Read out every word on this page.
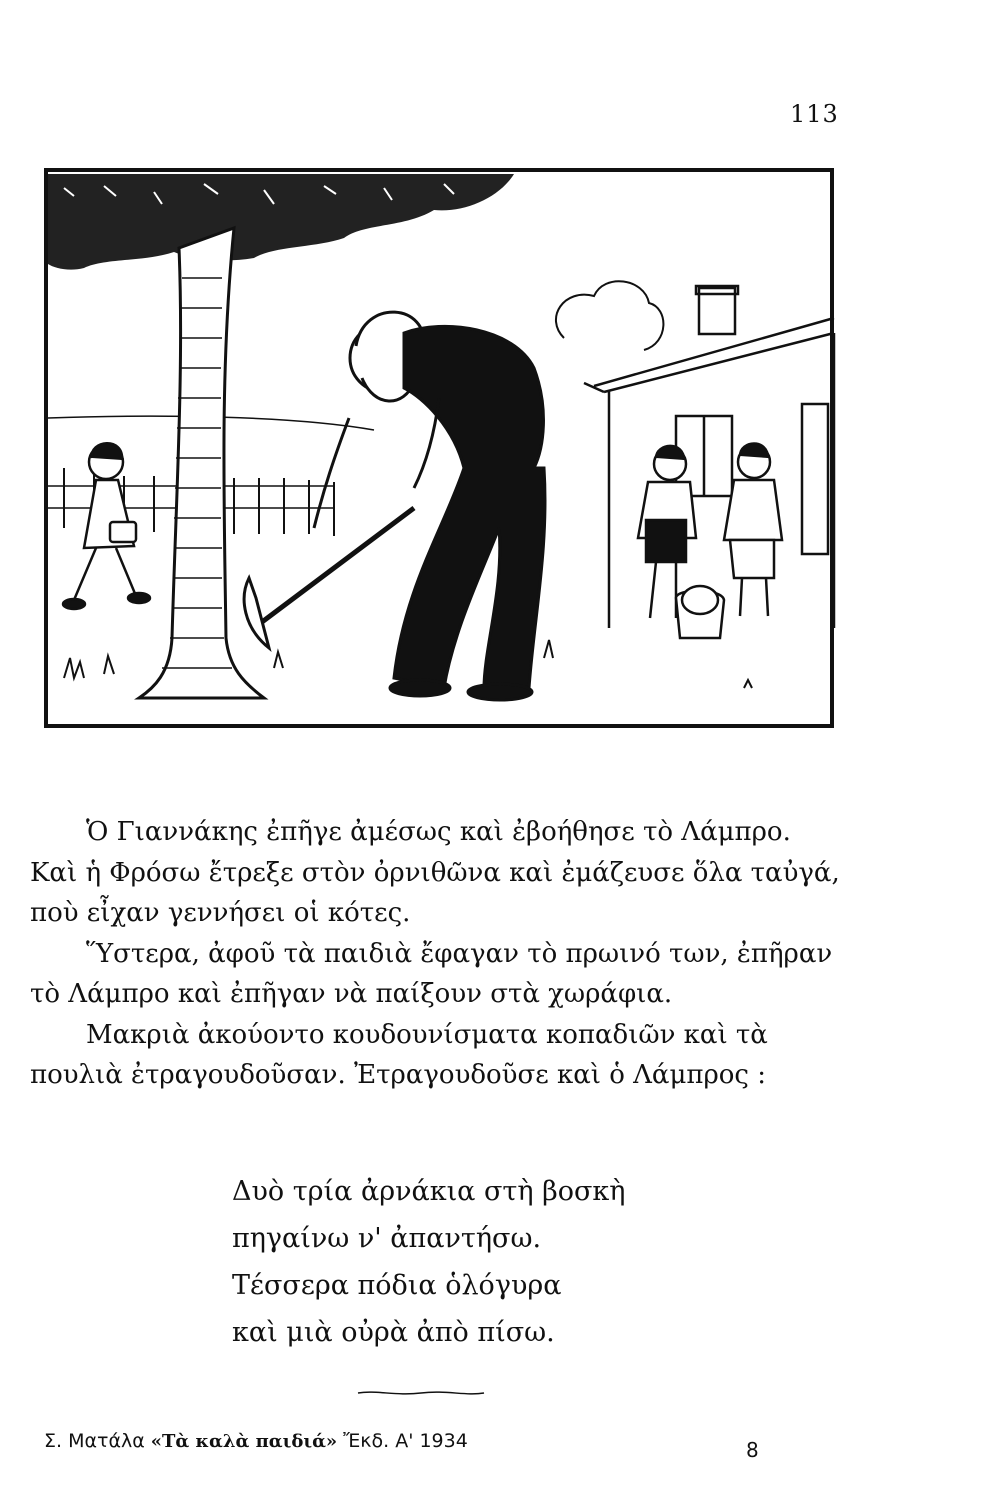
113

Ὁ Γιαννάκης ἐπῆγε ἀμέσως καὶ ἐβοήθησε τὸ Λάμπρο. Καὶ ἡ Φρόσω ἔτρεξε στὸν ὀρνιθῶνα καὶ ἐμάζευσε ὅλα ταὐγά, ποὺ εἶχαν γεννήσει οἱ κότες.

Ὕστερα, ἀφοῦ τὰ παιδιὰ ἔφαγαν τὸ πρωινό των, ἐπῆραν τὸ Λάμπρο καὶ ἐπῆγαν νὰ παίξουν στὰ χωράφια.

Μακριὰ ἀκούοντο κουδουνίσματα κοπαδιῶν καὶ τὰ πουλιὰ ἐτραγουδοῦσαν. Ἐτραγουδοῦσε καὶ ὁ Λάμπρος :

Δυὸ τρία ἀρνάκια στὴ βοσκὴ
πηγαίνω ν' ἀπαντήσω.
Τέσσερα πόδια ὁλόγυρα
καὶ μιὰ οὐρὰ ἀπὸ πίσω.
Σ. Ματάλα «Τὰ καλὰ παιδιά» Ἔκδ. Α' 1934	8
